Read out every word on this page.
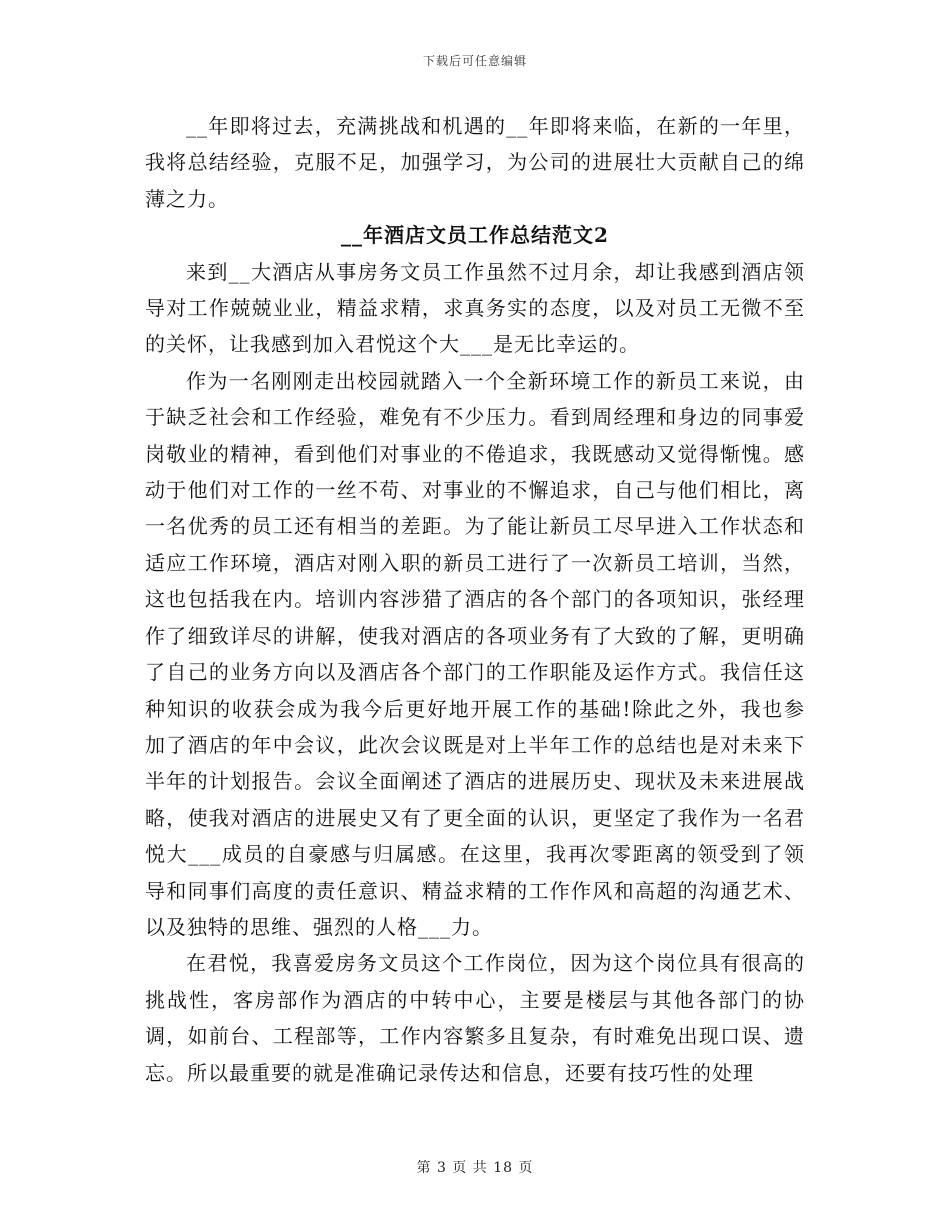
下载后可任意编辑

__年即将过去，充满挑战和机遇的__年即将来临，在新的一年里，我将总结经验，克服不足，加强学习，为公司的进展壮大贡献自己的绵薄之力。

__年酒店文员工作总结范文2

来到__大酒店从事房务文员工作虽然不过月余，却让我感到酒店领导对工作兢兢业业，精益求精，求真务实的态度，以及对员工无微不至的关怀，让我感到加入君悦这个大___是无比幸运的。

作为一名刚刚走出校园就踏入一个全新环境工作的新员工来说，由于缺乏社会和工作经验，难免有不少压力。看到周经理和身边的同事爱岗敬业的精神，看到他们对事业的不倦追求，我既感动又觉得惭愧。感动于他们对工作的一丝不苟、对事业的不懈追求，自己与他们相比，离一名优秀的员工还有相当的差距。为了能让新员工尽早进入工作状态和适应工作环境，酒店对刚入职的新员工进行了一次新员工培训，当然，这也包括我在内。培训内容涉猎了酒店的各个部门的各项知识，张经理作了细致详尽的讲解，使我对酒店的各项业务有了大致的了解，更明确了自己的业务方向以及酒店各个部门的工作职能及运作方式。我信任这种知识的收获会成为我今后更好地开展工作的基础!除此之外，我也参加了酒店的年中会议，此次会议既是对上半年工作的总结也是对未来下半年的计划报告。会议全面阐述了酒店的进展历史、现状及未来进展战略，使我对酒店的进展史又有了更全面的认识，更坚定了我作为一名君悦大___成员的自豪感与归属感。在这里，我再次零距离的领受到了领导和同事们高度的责任意识、精益求精的工作作风和高超的沟通艺术、以及独特的思维、强烈的人格___力。

在君悦，我喜爱房务文员这个工作岗位，因为这个岗位具有很高的挑战性，客房部作为酒店的中转中心，主要是楼层与其他各部门的协调，如前台、工程部等，工作内容繁多且复杂，有时难免出现口误、遗忘。所以最重要的就是准确记录传达和信息，还要有技巧性的处理

第 3 页 共 18 页
